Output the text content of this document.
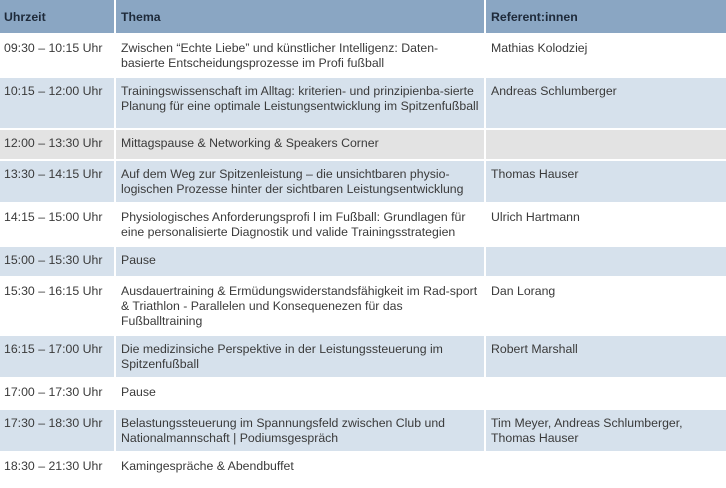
Uhrzeit	Thema	Referent:innen
09:30 – 10:15 Uhr	Zwischen “Echte Liebe” und künstlicher Intelligenz: Daten-basierte Entscheidungsprozesse im Profi fußball	Mathias Kolodziej
10:15 – 12:00 Uhr	Trainingswissenschaft im Alltag: kriterien- und prinzipienba-sierte Planung für eine optimale Leistungsentwicklung im Spitzenfußball	Andreas Schlumberger
12:00 – 13:30 Uhr	Mittagspause & Networking & Speakers Corner	
13:30 – 14:15 Uhr	Auf dem Weg zur Spitzenleistung – die unsichtbaren physio-logischen Prozesse hinter der sichtbaren Leistungsentwicklung	Thomas Hauser
14:15 – 15:00 Uhr	Physiologisches Anforderungsprofi l im Fußball: Grundlagen für eine personalisierte Diagnostik und valide Trainingsstrategien	Ulrich Hartmann
15:00 – 15:30 Uhr	Pause	
15:30 – 16:15 Uhr	Ausdauertraining & Ermüdungswiderstandsfähigkeit im Rad-sport & Triathlon - Parallelen und Konsequenezen für das Fußballtraining	Dan Lorang
16:15 – 17:00 Uhr	Die medizinsiche Perspektive in der Leistungssteuerung im Spitzenfußball	Robert Marshall
17:00 – 17:30 Uhr	Pause	
17:30 – 18:30 Uhr	Belastungssteuerung im Spannungsfeld zwischen Club und Nationalmannschaft | Podiumsgespräch	Tim Meyer, Andreas Schlumberger, Thomas Hauser
18:30 – 21:30 Uhr	Kamingespräche & Abendbuffet	
